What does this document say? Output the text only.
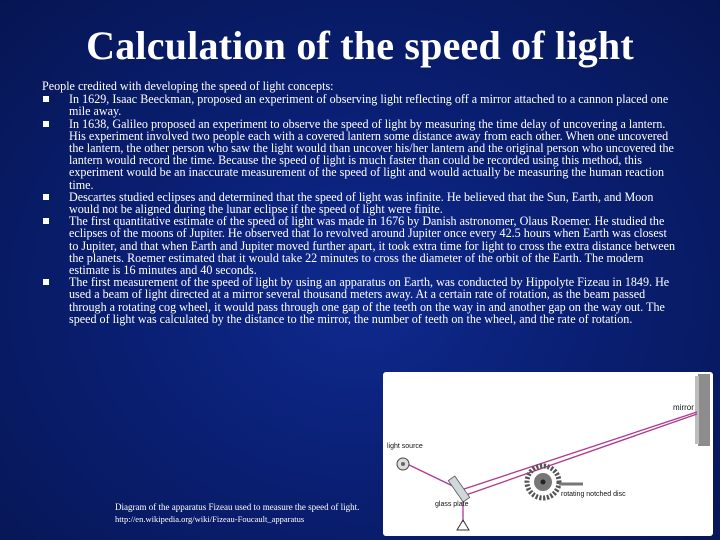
Calculation of the speed of light
People credited with developing the speed of light concepts:
In 1629, Isaac Beeckman, proposed an experiment of observing light reflecting off a mirror attached to a cannon placed one mile away.
In 1638, Galileo proposed an experiment to observe the speed of light by measuring the time delay of uncovering a lantern. His experiment involved two people each with a covered lantern some distance away from each other. When one uncovered the lantern, the other person who saw the light would than uncover his/her lantern and the original person who uncovered the lantern would record the time. Because the speed of light is much faster than could be recorded using this method, this experiment would be an inaccurate measurement of the speed of light and would actually be measuring the human reaction time.
Descartes studied eclipses and determined that the speed of light was infinite. He believed that the Sun, Earth, and Moon would not be aligned during the lunar eclipse if the speed of light were finite.
The first quantitative estimate of the speed of light was made in 1676 by Danish astronomer, Olaus Roemer. He studied the eclipses of the moons of Jupiter. He observed that Io revolved around Jupiter once every 42.5 hours when Earth was closest to Jupiter, and that when Earth and Jupiter moved further apart, it took extra time for light to cross the extra distance between the planets. Roemer estimated that it would take 22 minutes to cross the diameter of the orbit of the Earth. The modern estimate is 16 minutes and 40 seconds.
The first measurement of the speed of light by using an apparatus on Earth, was conducted by Hippolyte Fizeau in 1849. He used a beam of light directed at a mirror several thousand meters away. At a certain rate of rotation, as the beam passed through a rotating cog wheel, it would pass through one gap of the teeth on the way in and another gap on the way out. The speed of light was calculated by the distance to the mirror, the number of teeth on the wheel, and the rate of rotation.
mirror
light source
glass plate
rotating notched disc
Diagram of the apparatus Fizeau used to measure the speed of light.
http://en.wikipedia.org/wiki/Fizeau-Foucault_apparatus
